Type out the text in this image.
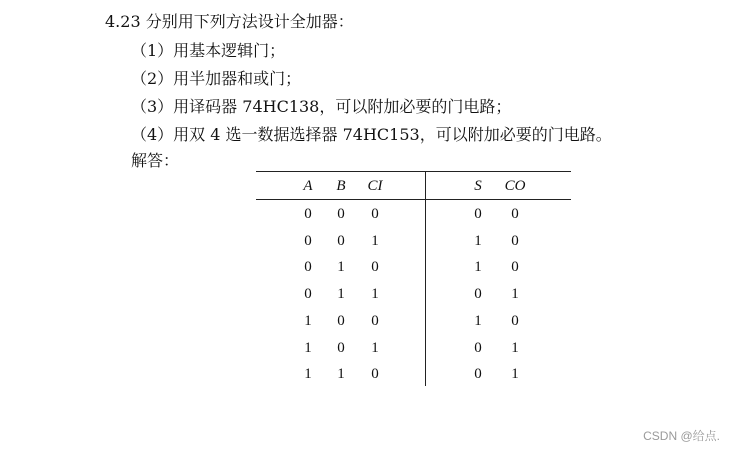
4.23 分别用下列方法设计全加器：
（1）用基本逻辑门；
（2）用半加器和或门；
（3）用译码器 74HC138，可以附加必要的门电路；
（4）用双 4 选一数据选择器 74HC153，可以附加必要的门电路。
解答：
A	B	CI	S	CO
0	0	0	0	0
0	0	1	1	0
0	1	0	1	0
0	1	1	0	1
1	0	0	1	0
1	0	1	0	1
1	1	0	0	1
CSDN @给点.
